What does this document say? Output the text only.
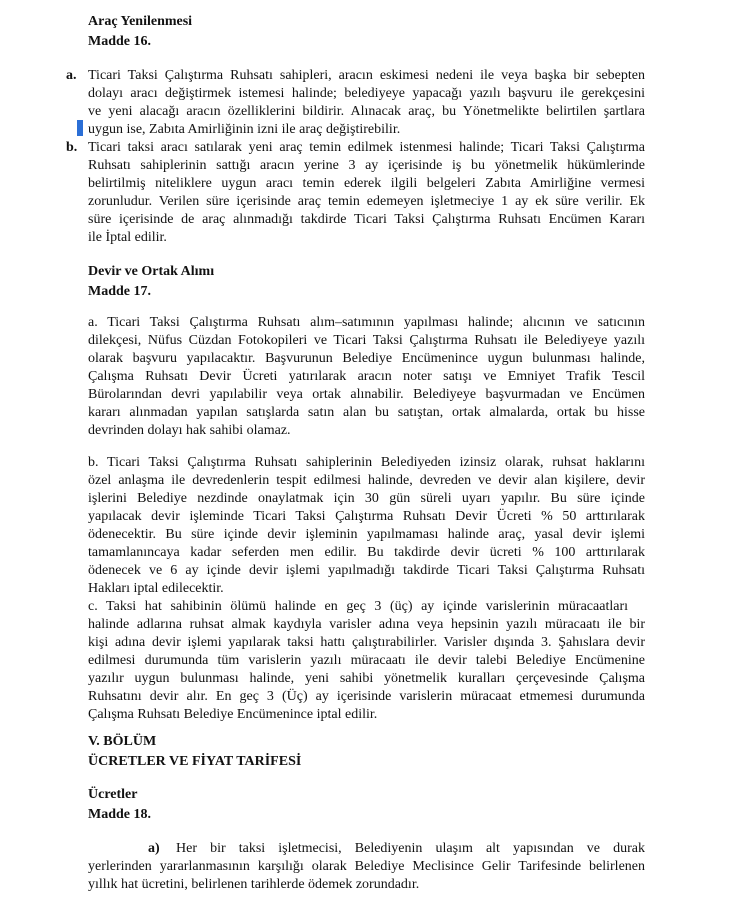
Araç Yenilenmesi
Madde 16.
a. Ticari Taksi Çalıştırma Ruhsatı sahipleri, aracın eskimesi nedeni ile veya başka bir sebepten
dolayı aracı değiştirmek istemesi halinde; belediyeye yapacağı yazılı başvuru ile gerekçesini
ve yeni alacağı aracın özelliklerini bildirir. Alınacak araç, bu Yönetmelikte belirtilen şartlara
uygun ise, Zabıta Amirliğinin izni ile araç değiştirebilir.
b. Ticari taksi aracı satılarak yeni araç temin edilmek istenmesi halinde; Ticari Taksi Çalıştırma
Ruhsatı sahiplerinin sattığı aracın yerine 3 ay içerisinde iş bu yönetmelik hükümlerinde
belirtilmiş niteliklere uygun aracı temin ederek ilgili belgeleri Zabıta Amirliğine vermesi
zorunludur. Verilen süre içerisinde araç temin edemeyen işletmeciye 1 ay ek süre verilir. Ek
süre içerisinde de araç alınmadığı takdirde Ticari Taksi Çalıştırma Ruhsatı Encümen Kararı
ile İptal edilir.
Devir ve Ortak Alımı
Madde 17.
a. Ticari Taksi Çalıştırma Ruhsatı alım–satımının yapılması halinde; alıcının ve satıcının
dilekçesi, Nüfus Cüzdan Fotokopileri ve Ticari Taksi Çalıştırma Ruhsatı ile Belediyeye yazılı
olarak başvuru yapılacaktır. Başvurunun Belediye Encümenince uygun bulunması halinde,
Çalışma Ruhsatı Devir Ücreti yatırılarak aracın noter satışı ve Emniyet Trafik Tescil
Bürolarından devri yapılabilir veya ortak alınabilir. Belediyeye başvurmadan ve Encümen
kararı alınmadan yapılan satışlarda satın alan bu satıştan, ortak almalarda, ortak bu hisse
devrinden dolayı hak sahibi olamaz.
b. Ticari Taksi Çalıştırma Ruhsatı sahiplerinin Belediyeden izinsiz olarak, ruhsat haklarını
özel anlaşma ile devredenlerin tespit edilmesi halinde, devreden ve devir alan kişilere, devir
işlerini Belediye nezdinde onaylatmak için 30 gün süreli uyarı yapılır. Bu süre içinde
yapılacak devir işleminde Ticari Taksi Çalıştırma Ruhsatı Devir Ücreti % 50 arttırılarak
ödenecektir. Bu süre içinde devir işleminin yapılmaması halinde araç, yasal devir işlemi
tamamlanıncaya kadar seferden men edilir. Bu takdirde devir ücreti % 100 arttırılarak
ödenecek ve 6 ay içinde devir işlemi yapılmadığı takdirde Ticari Taksi Çalıştırma Ruhsatı
Hakları iptal edilecektir.
c. Taksi hat sahibinin ölümü halinde en geç 3 (üç) ay içinde varislerinin müracaatları
halinde adlarına ruhsat almak kaydıyla varisler adına veya hepsinin yazılı müracaatı ile bir
kişi adına devir işlemi yapılarak taksi hattı çalıştırabilirler. Varisler dışında 3. Şahıslara devir
edilmesi durumunda tüm varislerin yazılı müracaatı ile devir talebi Belediye Encümenine
yazılır uygun bulunması halinde, yeni sahibi yönetmelik kuralları çerçevesinde Çalışma
Ruhsatını devir alır. En geç 3 (Üç) ay içerisinde varislerin müracaat etmemesi durumunda
Çalışma Ruhsatı Belediye Encümenince iptal edilir.
V. BÖLÜM
ÜCRETLER VE FİYAT TARİFESİ
Ücretler
Madde 18.
a) Her bir taksi işletmecisi, Belediyenin ulaşım alt yapısından ve durak
yerlerinden yararlanmasının karşılığı olarak Belediye Meclisince Gelir Tarifesinde belirlenen
yıllık hat ücretini, belirlenen tarihlerde ödemek zorundadır.
